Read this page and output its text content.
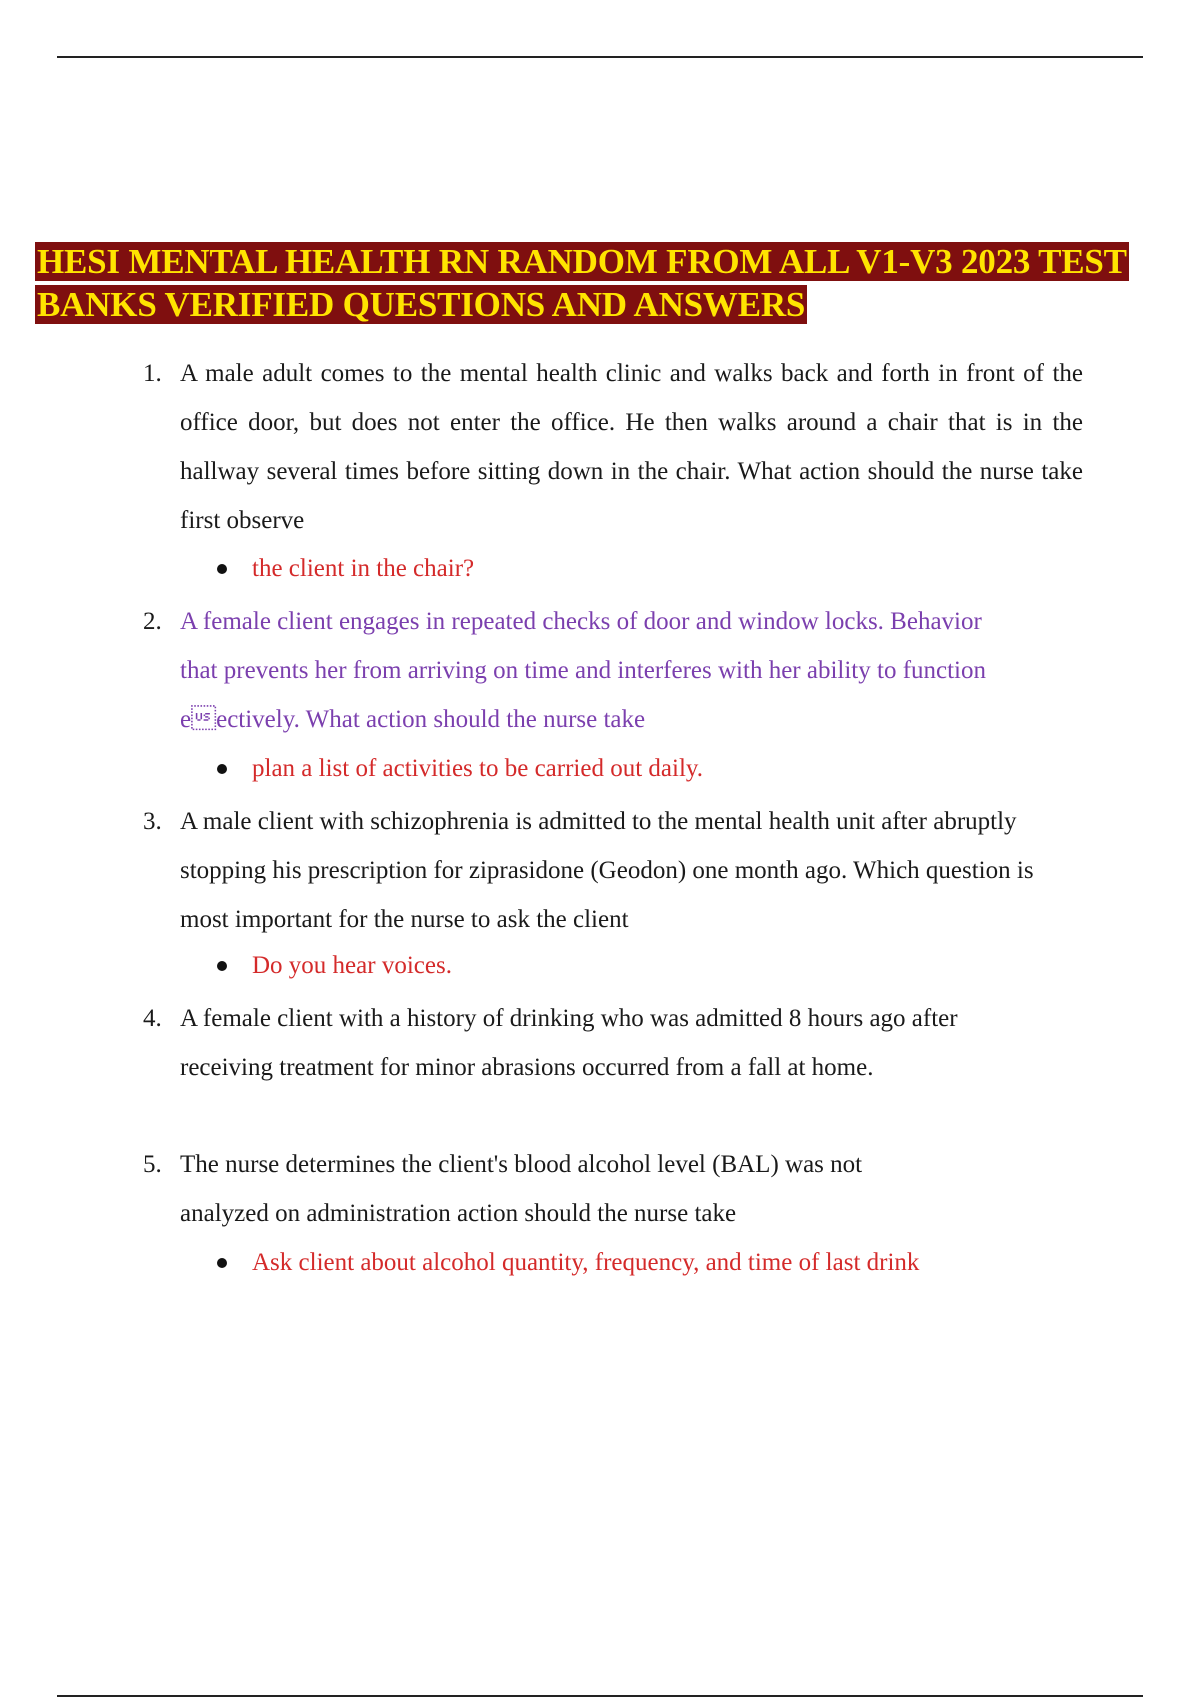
HESI MENTAL HEALTH RN RANDOM FROM ALL V1-V3 2023 TEST
BANKS VERIFIED QUESTIONS AND ANSWERS
1. A male adult comes to the mental health clinic and walks back and forth in front of the office door, but does not enter the office. He then walks around a chair that is in the hallway several times before sitting down in the chair. What action should the nurse take first observe
the client in the chair?
2. A female client engages in repeated checks of door and window locks. Behavior that prevents her from arriving on time and interferes with her ability to function eectively. What action should the nurse take
plan a list of activities to be carried out daily.
3. A male client with schizophrenia is admitted to the mental health unit after abruptly stopping his prescription for ziprasidone (Geodon) one month ago. Which question is most important for the nurse to ask the client
Do you hear voices.
4. A female client with a history of drinking who was admitted 8 hours ago after receiving treatment for minor abrasions occurred from a fall at home.
5. The nurse determines the client's blood alcohol level (BAL) was not analyzed on administration action should the nurse take
Ask client about alcohol quantity, frequency, and time of last drink
